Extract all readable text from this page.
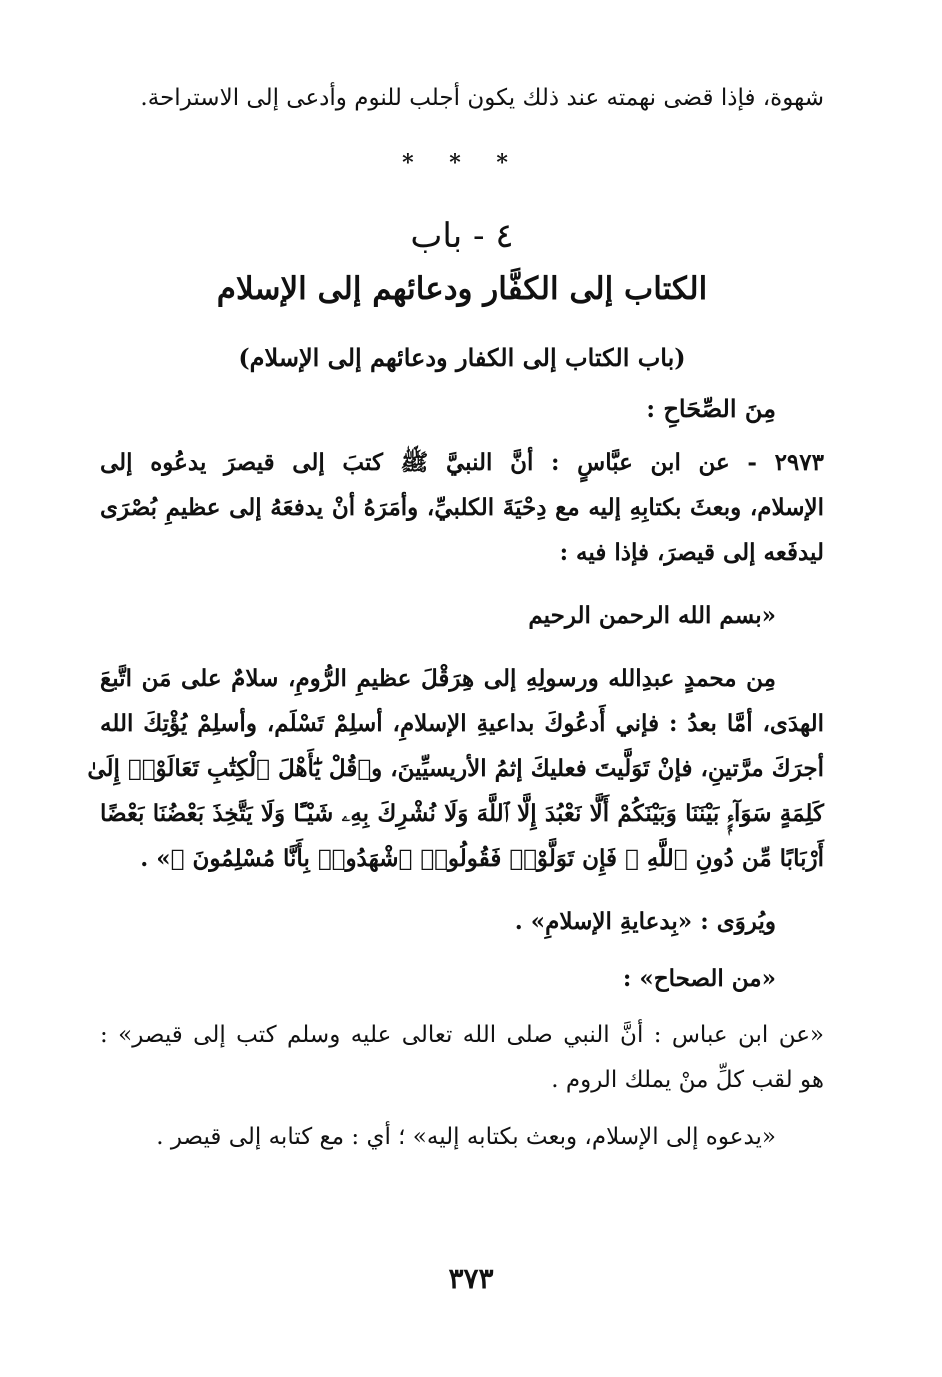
شهوة، فإذا قضى نهمته عند ذلك يكون أجلب للنوم وأدعى إلى الاستراحة.
* * *
٤ - باب
الكتاب إلى الكفَّار ودعائهم إلى الإسلام
(باب الكتاب إلى الكفار ودعائهم إلى الإسلام)
مِنَ الصِّحَاحِ :
٢٩٧٣ - عن ابن عبَّاسٍ : أنَّ النبيَّ ﷺ كتبَ إلى قيصرَ يدعُوه إلى
الإسلام، وبعثَ بكتابِهِ إليه مع دِحْيَةَ الكلبيِّ، وأمَرَهُ أنْ يدفعَهُ إلى عظيمِ بُصْرَى
ليدفَعه إلى قيصرَ، فإذا فيه :
«بسم الله الرحمن الرحيم
مِن محمدٍ عبدِالله ورسولِهِ إلى هِرَقْلَ عظيمِ الرُّومِ، سلامٌ على مَن اتَّبعَ
الهدَى، أمَّا بعدُ : فإني أَدعُوكَ بداعيةِ الإسلامِ، أسلِمْ تَسْلَم، وأسلِمْ يُؤْتِكَ الله
أجرَكَ مرَّتينِ، فإنْ تَوَلَّيتَ فعليكَ إثمُ الأريسيِّينَ، و﴿قُلْ يَٰٓأَهْلَ ٱلْكِتَٰبِ تَعَالَوْا۟ إِلَىٰ
كَلِمَةٍ سَوَآءٍۭ بَيْنَنَا وَبَيْنَكُمْ أَلَّا نَعْبُدَ إِلَّا ٱللَّهَ وَلَا نُشْرِكَ بِهِۦ شَيْـًٔا وَلَا يَتَّخِذَ بَعْضُنَا بَعْضًا
أَرْبَابًا مِّن دُونِ ٱللَّهِ ۚ فَإِن تَوَلَّوْا۟ فَقُولُوا۟ ٱشْهَدُوا۟ بِأَنَّا مُسْلِمُونَ ﴾» .
ويُروَى : «بِدعايةِ الإسلامِ» .
«من الصحاح» :
«عن ابن عباس : أنَّ النبي صلى الله تعالى عليه وسلم كتب إلى قيصر» :
هو لقب كلِّ منْ يملك الروم .
«يدعوه إلى الإسلام، وبعث بكتابه إليه» ؛ أي : مع كتابه إلى قيصر .
٣٧٣
